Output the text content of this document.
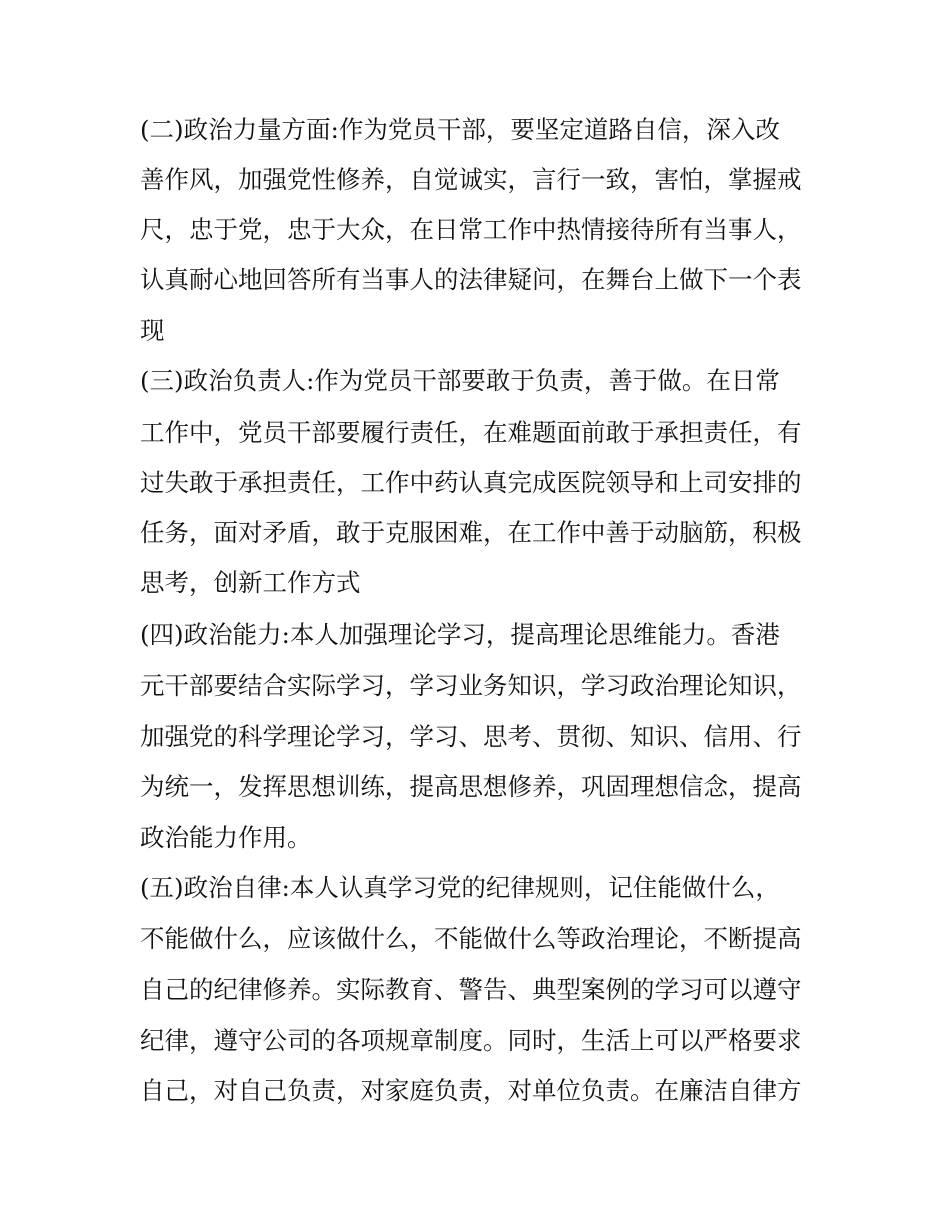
(二)政治力量方面:作为党员干部，要坚定道路自信，深入改
善作风，加强党性修养，自觉诚实，言行一致，害怕，掌握戒
尺，忠于党，忠于大众，在日常工作中热情接待所有当事人，
认真耐心地回答所有当事人的法律疑问，在舞台上做下一个表
现
(三)政治负责人:作为党员干部要敢于负责，善于做。在日常
工作中，党员干部要履行责任，在难题面前敢于承担责任，有
过失敢于承担责任，工作中药认真完成医院领导和上司安排的
任务，面对矛盾，敢于克服困难，在工作中善于动脑筋，积极
思考，创新工作方式
(四)政治能力:本人加强理论学习，提高理论思维能力。香港
元干部要结合实际学习，学习业务知识，学习政治理论知识，
加强党的科学理论学习，学习、思考、贯彻、知识、信用、行
为统一，发挥思想训练，提高思想修养，巩固理想信念，提高
政治能力作用。
(五)政治自律:本人认真学习党的纪律规则，记住能做什么，
不能做什么，应该做什么，不能做什么等政治理论，不断提高
自己的纪律修养。实际教育、警告、典型案例的学习可以遵守
纪律，遵守公司的各项规章制度。同时，生活上可以严格要求
自己，对自己负责，对家庭负责，对单位负责。在廉洁自律方
